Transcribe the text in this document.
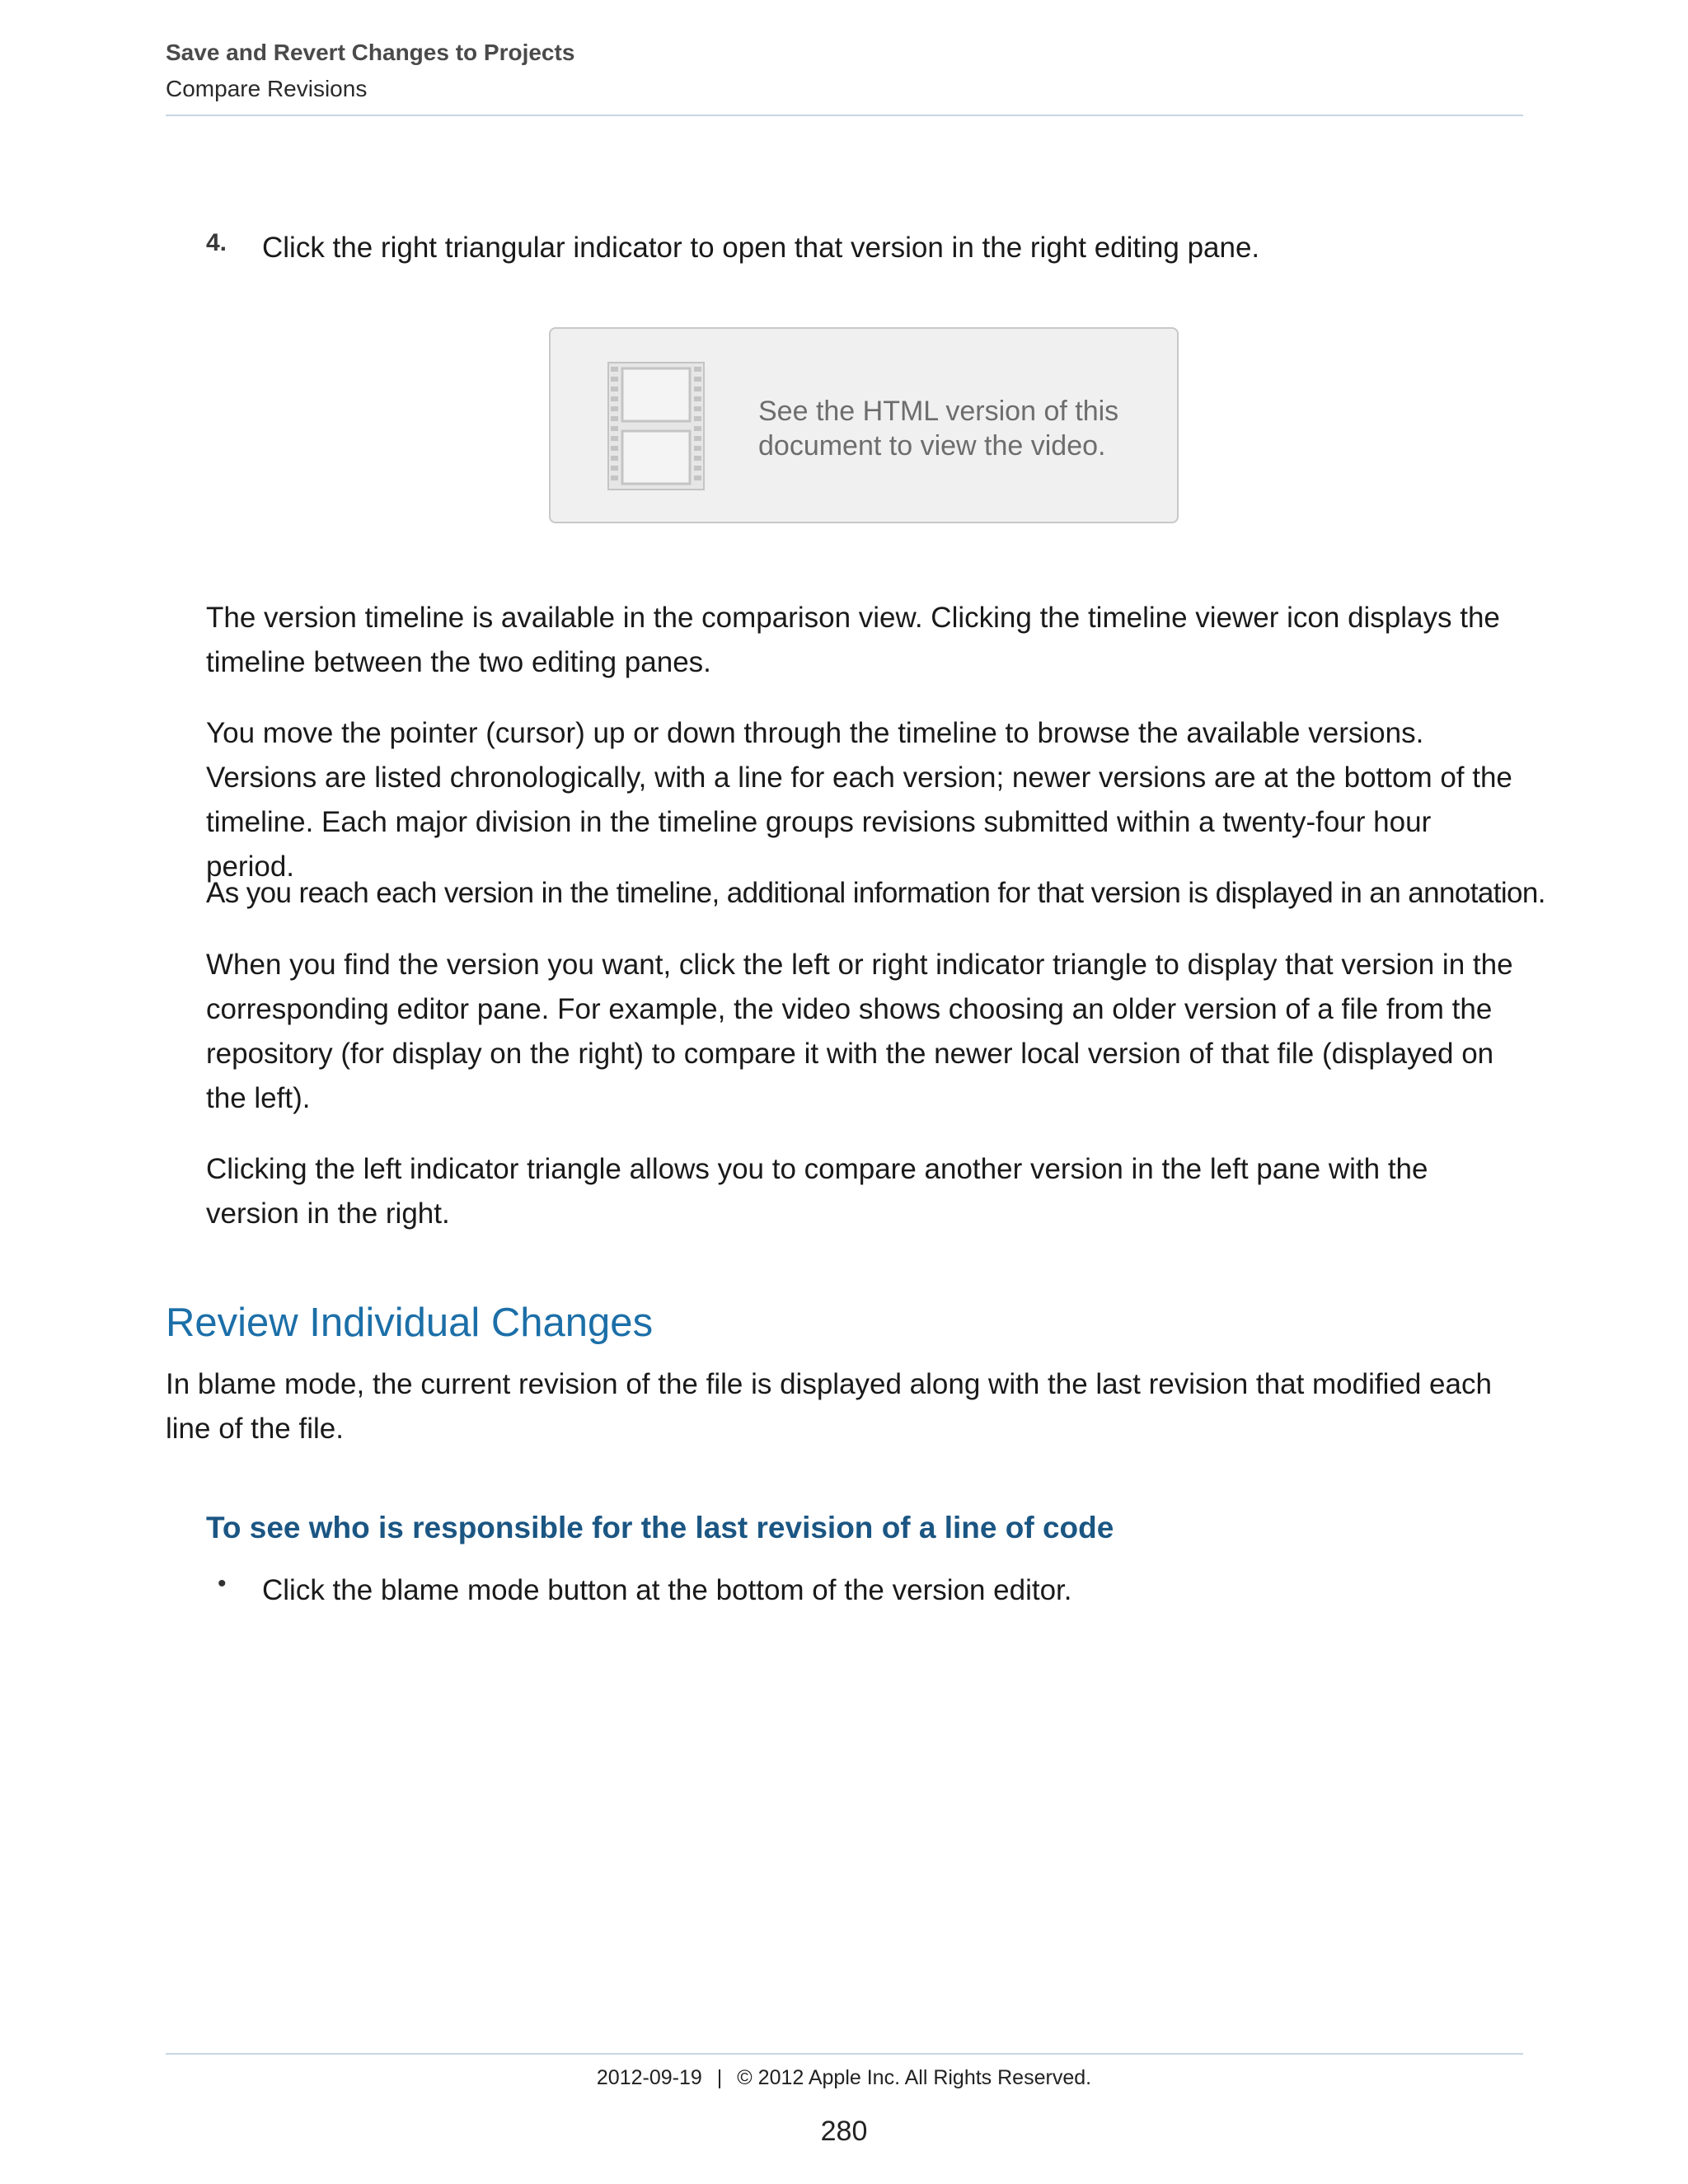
Save and Revert Changes to Projects
Compare Revisions
4. Click the right triangular indicator to open that version in the right editing pane.
See the HTML version of this
document to view the video.
The version timeline is available in the comparison view. Clicking the timeline viewer icon displays the timeline between the two editing panes.
You move the pointer (cursor) up or down through the timeline to browse the available versions. Versions are listed chronologically, with a line for each version; newer versions are at the bottom of the timeline. Each major division in the timeline groups revisions submitted within a twenty-four hour period.
As you reach each version in the timeline, additional information for that version is displayed in an annotation.
When you find the version you want, click the left or right indicator triangle to display that version in the corresponding editor pane. For example, the video shows choosing an older version of a file from the repository (for display on the right) to compare it with the newer local version of that file (displayed on the left).
Clicking the left indicator triangle allows you to compare another version in the left pane with the version in the right.
Review Individual Changes
In blame mode, the current revision of the file is displayed along with the last revision that modified each line of the file.
To see who is responsible for the last revision of a line of code
• Click the blame mode button at the bottom of the version editor.
2012-09-19 | © 2012 Apple Inc. All Rights Reserved.
280
